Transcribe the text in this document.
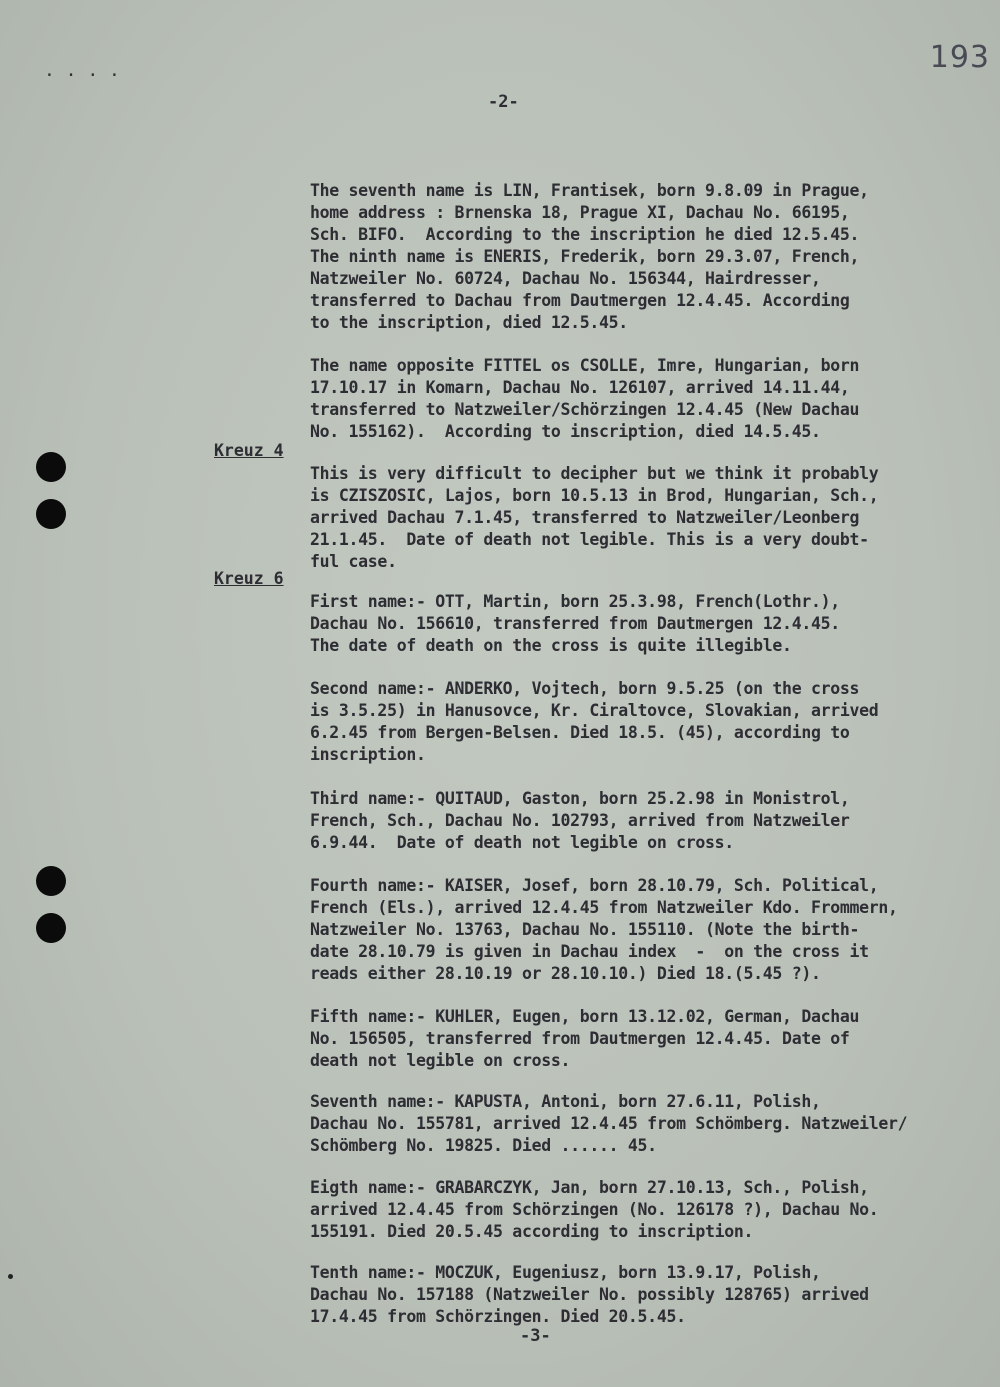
. . . .	193
-2-
Kreuz 4
Kreuz 6

The seventh name is LIN, Frantisek, born 9.8.09 in Prague,
home address : Brnenska 18, Prague XI, Dachau No. 66195,
Sch. BIFO.  According to the inscription he died 12.5.45.
The ninth name is ENERIS, Frederik, born 29.3.07, French,
Natzweiler No. 60724, Dachau No. 156344, Hairdresser,
transferred to Dachau from Dautmergen 12.4.45. According
to the inscription, died 12.5.45.

The name opposite FITTEL os CSOLLE, Imre, Hungarian, born
17.10.17 in Komarn, Dachau No. 126107, arrived 14.11.44,
transferred to Natzweiler/Schörzingen 12.4.45 (New Dachau
No. 155162).  According to inscription, died 14.5.45.

This is very difficult to decipher but we think it probably
is CZISZOSIC, Lajos, born 10.5.13 in Brod, Hungarian, Sch.,
arrived Dachau 7.1.45, transferred to Natzweiler/Leonberg
21.1.45.  Date of death not legible. This is a very doubt-
ful case.

First name:- OTT, Martin, born 25.3.98, French(Lothr.),
Dachau No. 156610, transferred from Dautmergen 12.4.45.
The date of death on the cross is quite illegible.

Second name:- ANDERKO, Vojtech, born 9.5.25 (on the cross
is 3.5.25) in Hanusovce, Kr. Ciraltovce, Slovakian, arrived
6.2.45 from Bergen-Belsen. Died 18.5. (45), according to
inscription.

Third name:- QUITAUD, Gaston, born 25.2.98 in Monistrol,
French, Sch., Dachau No. 102793, arrived from Natzweiler
6.9.44.  Date of death not legible on cross.

Fourth name:- KAISER, Josef, born 28.10.79, Sch. Political,
French (Els.), arrived 12.4.45 from Natzweiler Kdo. Frommern,
Natzweiler No. 13763, Dachau No. 155110. (Note the birth-
date 28.10.79 is given in Dachau index  -  on the cross it
reads either 28.10.19 or 28.10.10.) Died 18.(5.45 ?).

Fifth name:- KUHLER, Eugen, born 13.12.02, German, Dachau
No. 156505, transferred from Dautmergen 12.4.45. Date of
death not legible on cross.

Seventh name:- KAPUSTA, Antoni, born 27.6.11, Polish,
Dachau No. 155781, arrived 12.4.45 from Schömberg. Natzweiler/
Schömberg No. 19825. Died ...... 45.

Eigth name:- GRABARCZYK, Jan, born 27.10.13, Sch., Polish,
arrived 12.4.45 from Schörzingen (No. 126178 ?), Dachau No.
155191. Died 20.5.45 according to inscription.

Tenth name:- MOCZUK, Eugeniusz, born 13.9.17, Polish,
Dachau No. 157188 (Natzweiler No. possibly 128765) arrived
17.4.45 from Schörzingen. Died 20.5.45.
-3-
